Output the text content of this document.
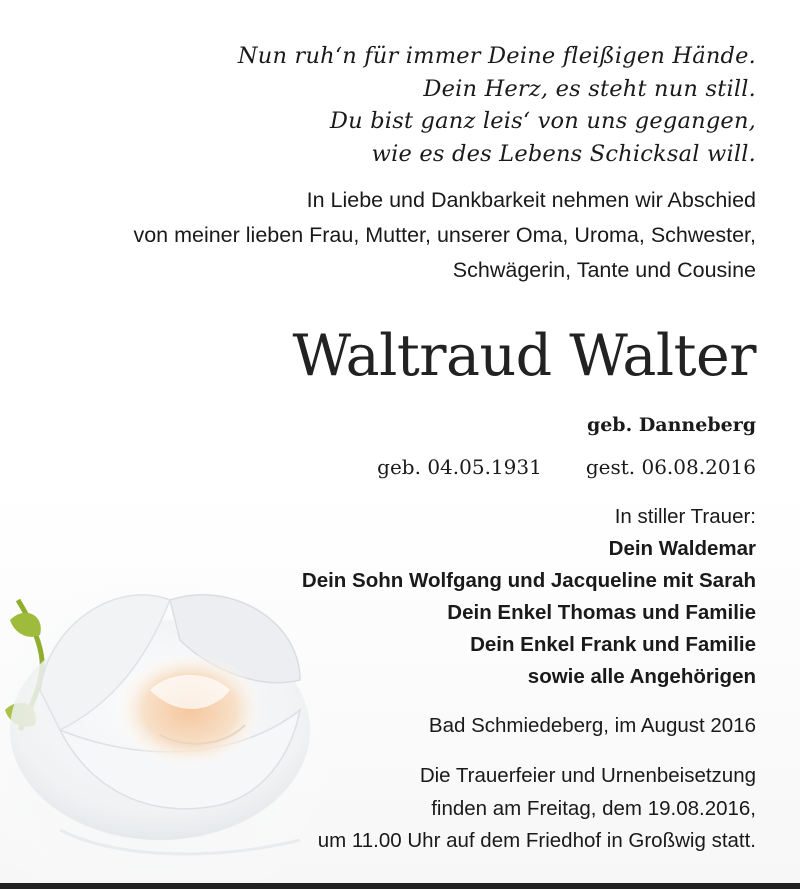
Nun ruh‘n für immer Deine fleißigen Hände.
Dein Herz, es steht nun still.
Du bist ganz leis‘ von uns gegangen,
wie es des Lebens Schicksal will.
In Liebe und Dankbarkeit nehmen wir Abschied
von meiner lieben Frau, Mutter, unserer Oma, Uroma, Schwester,
Schwägerin, Tante und Cousine
Waltraud Walter
geb. Danneberg
geb. 04.05.1931 gest. 06.08.2016
In stiller Trauer:
Dein Waldemar
Dein Sohn Wolfgang und Jacqueline mit Sarah
Dein Enkel Thomas und Familie
Dein Enkel Frank und Familie
sowie alle Angehörigen
Bad Schmiedeberg, im August 2016
Die Trauerfeier und Urnenbeisetzung
finden am Freitag, dem 19.08.2016,
um 11.00 Uhr auf dem Friedhof in Großwig statt.
